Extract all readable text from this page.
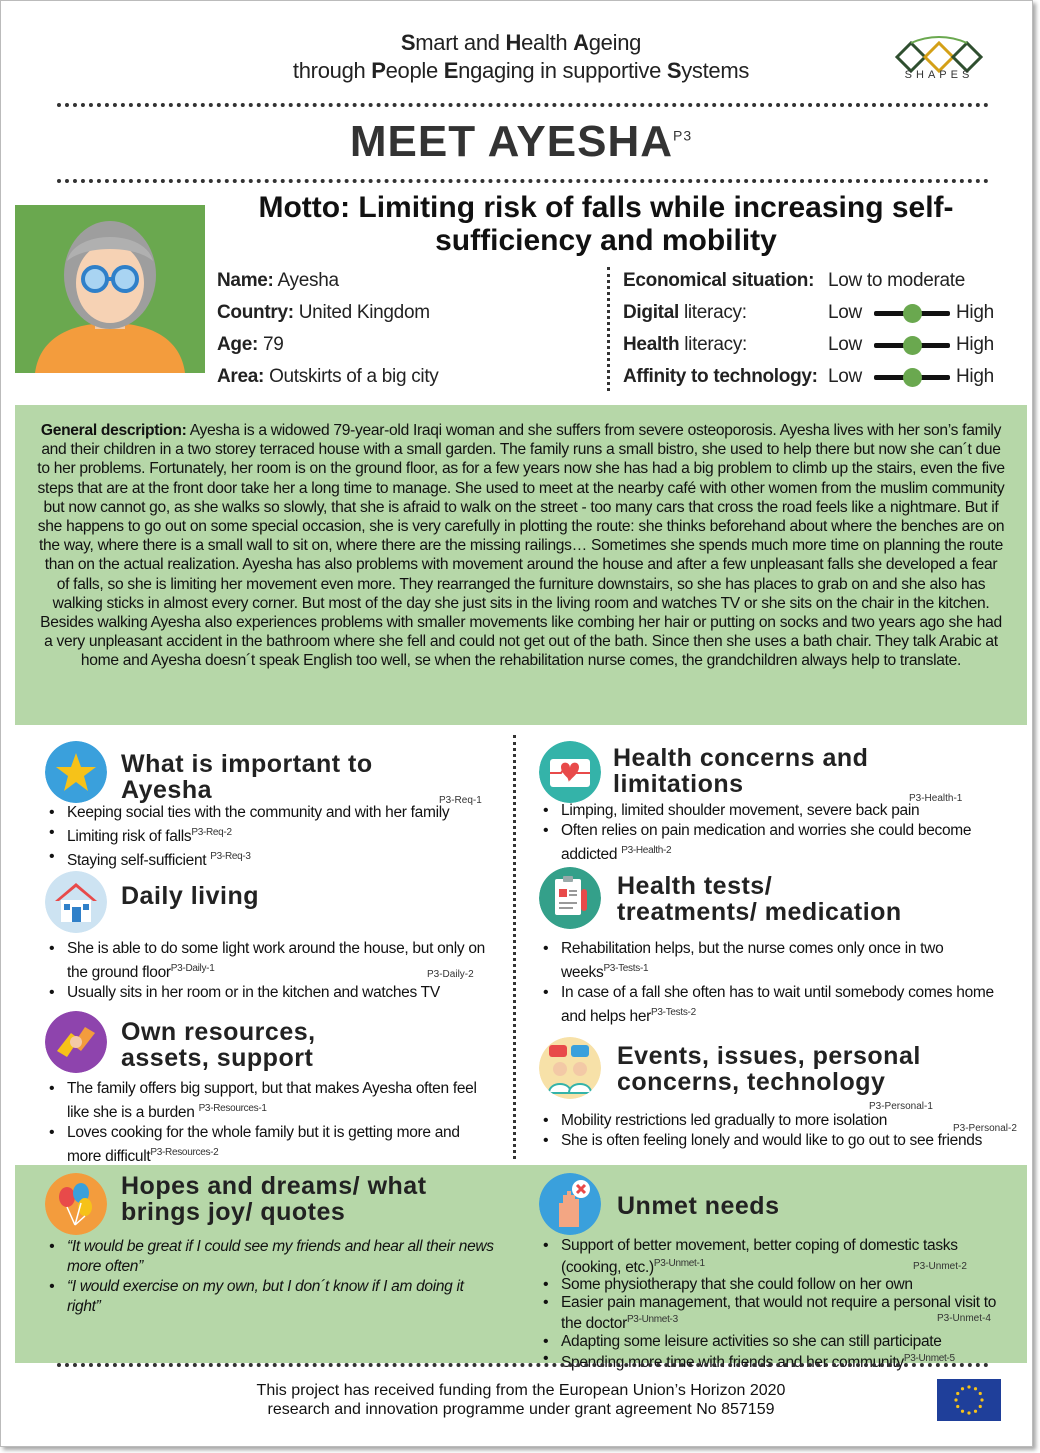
Smart and Health Ageing
through People Engaging in supportive Systems	SHAPES
MEET $AYESHA^{P3}$
Motto: Limiting risk of falls while increasing self-sufficiency and mobility
Name: Ayesha
Country: United Kingdom
Age: 79
Area: Outskirts of a big city
Economical situation: Low to moderate
Digital literacy:	Low	High
Health literacy:	Low	High
Affinity to technology: Low	High
General description: Ayesha is a widowed 79-year-old Iraqi woman and she suffers from severe osteoporosis. Ayesha lives with her son’s family and their children in a two storey terraced house with a small garden. The family runs a small bistro, she used to help there but now she can´t due to her problems. Fortunately, her room is on the ground floor, as for a few years now she has had a big problem to climb up the stairs, even the five steps that are at the front door take her a long time to manage. She used to meet at the nearby café with other women from the muslim community but now cannot go, as she walks so slowly, that she is afraid to walk on the street - too many cars that cross the road feels like a nightmare. But if she happens to go out on some special occasion, she is very carefully in plotting the route: she thinks beforehand about where the benches are on the way, where there is a small wall to sit on, where there are the missing railings… Sometimes she spends much more time on planning the route than on the actual realization. Ayesha has also problems with movement around the house and after a few unpleasant falls she developed a fear of falls, so she is limiting her movement even more. They rearranged the furniture downstairs, so she has places to grab on and she also has walking sticks in almost every corner. But most of the day she just sits in the living room and watches TV or she sits on the chair in the kitchen. Besides walking Ayesha also experiences problems with smaller movements like combing her hair or putting on socks and two years ago she had a very unpleasant accident in the bathroom where she fell and could not get out of the bath. Since then she uses a bath chair. They talk Arabic at home and Ayesha doesn´t speak English too well, se when the rehabilitation nurse comes, the grandchildren always help to translate.
What is important to
Ayesha	P3-Req-1
• Keeping social ties with the community and with her family
• Limiting risk of falls$^{P3-Req-2}$
• Staying self-sufficient $^{P3-Req-3}$
Health concerns and
limitations
P3-Health-1
• Limping, limited shoulder movement, severe back pain
• Often relies on pain medication and worries she could become addicted $^{P3-Health-2}$
Daily living
P3-Daily-2
• She is able to do some light work around the house, but only on the ground floor$^{P3-Daily-1}$
• Usually sits in her room or in the kitchen and watches TV
Health tests/
treatments/ medication
• Rehabilitation helps, but the nurse comes only once in two weeks$^{P3-Tests-1}$
• In case of a fall she often has to wait until somebody comes home and helps her$^{P3-Tests-2}$
Own resources,
assets, support
• The family offers big support, but that makes Ayesha often feel like she is a burden $^{P3-Resources-1}$
• Loves cooking for the whole family but it is getting more and more difficult$^{P3-Resources-2}$
Events, issues, personal
concerns, technology
P3-Personal-1
P3-Personal-2
• Mobility restrictions led gradually to more isolation
• She is often feeling lonely and would like to go out to see friends
Hopes and dreams/ what
brings joy/ quotes
• “It would be great if I could see my friends and hear all their news more often”
• “I would exercise on my own, but I don´t know if I am doing it right”
Unmet needs
P3-Unmet-2
P3-Unmet-4
• Support of better movement, better coping of domestic tasks (cooking, etc.)$^{P3-Unmet-1}$
• Some physiotherapy that she could follow on her own
• Easier pain management, that would not require a personal visit to the doctor$^{P3-Unmet-3}$
• Adapting some leisure activities so she can still participate
• Spending more time with friends and her community$^{P3-Unmet-5}$
This project has received funding from the European Union’s Horizon 2020
research and innovation programme under grant agreement No 857159
